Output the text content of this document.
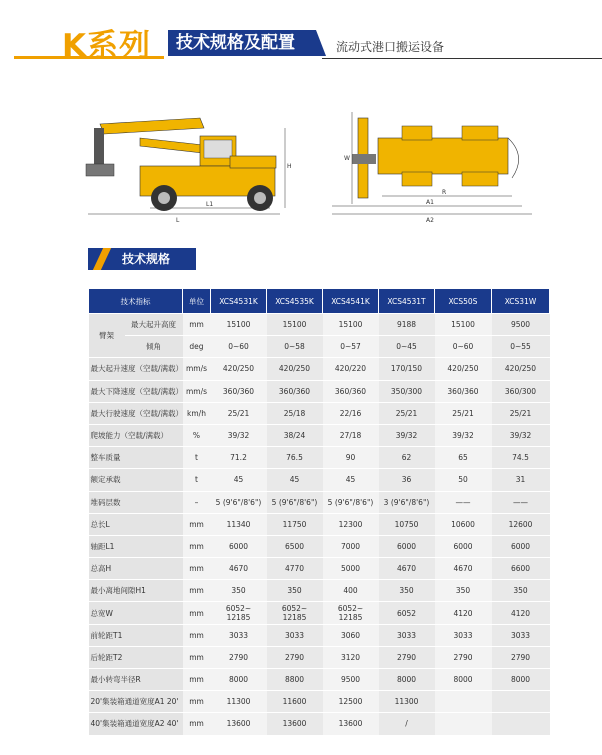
K系列	技术规格及配置	流动式港口搬运设备
L
L1
H
W
R
A1
A2
技术规格
技术指标		单位	XCS4531K	XCS4535K	XCS4541K	XCS4531T	XCS50S	XCS31W
臂架	最大起升高度	mm	15100	15100	15100	9188	15100	9500
	倾角	deg	0~60	0~58	0~57	0~45	0~60	0~55
最大起升速度（空载/满载）		mm/s	420/250	420/250	420/220	170/150	420/250	420/250
最大下降速度（空载/满载）		mm/s	360/360	360/360	360/360	350/300	360/360	360/300
最大行驶速度（空载/满载）		km/h	25/21	25/18	22/16	25/21	25/21	25/21
爬坡能力（空载/满载）		%	39/32	38/24	27/18	39/32	39/32	39/32
整车质量		t	71.2	76.5	90	62	65	74.5
额定承载		t	45	45	45	36	50	31
堆码层数		–	5 (9'6"/8'6")	5 (9'6"/8'6")	5 (9'6"/8'6")	3 (9'6"/8'6")	——	——
总长L		mm	11340	11750	12300	10750	10600	12600
轴距L1		mm	6000	6500	7000	6000	6000	6000
总高H		mm	4670	4770	5000	4670	4670	6600
最小离地间隙H1		mm	350	350	400	350	350	350
总宽W		mm	6052~
12185	6052~
12185	6052~
12185	6052	4120	4120
前轮距T1		mm	3033	3033	3060	3033	3033	3033
后轮距T2		mm	2790	2790	3120	2790	2790	2790
最小转弯半径R		mm	8000	8800	9500	8000	8000	8000
20'集装箱通道宽度A1 20'		mm	11300	11600	12500	11300		
40'集装箱通道宽度A2 40'		mm	13600	13600	13600	/		
